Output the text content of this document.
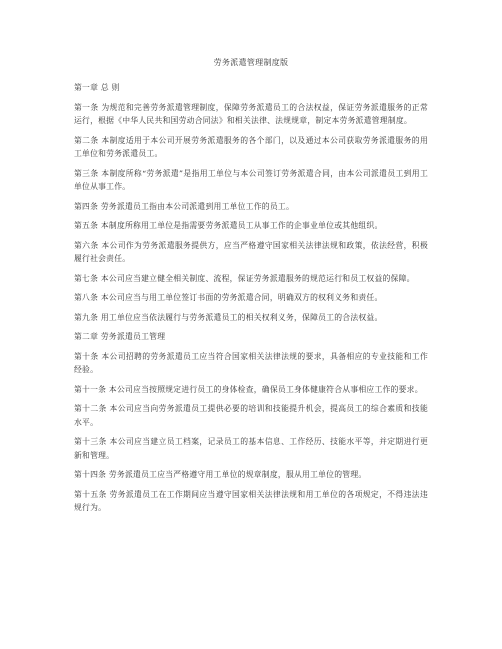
劳务派遣管理制度版
第一章 总 则

第一条 为规范和完善劳务派遣管理制度，保障劳务派遣员工的合法权益，保证劳务派遣服务的正常运行，根据《中华人民共和国劳动合同法》和相关法律、法规规章，制定本劳务派遣管理制度。

第二条 本制度适用于本公司开展劳务派遣服务的各个部门，以及通过本公司获取劳务派遣服务的用工单位和劳务派遣员工。

第三条 本制度所称“劳务派遣”是指用工单位与本公司签订劳务派遣合同，由本公司派遣员工到用工单位从事工作。

第四条 劳务派遣员工指由本公司派遣到用工单位工作的员工。

第五条 本制度所称用工单位是指需要劳务派遣员工从事工作的企事业单位或其他组织。

第六条 本公司作为劳务派遣服务提供方，应当严格遵守国家相关法律法规和政策，依法经营，积极履行社会责任。

第七条 本公司应当建立健全相关制度、流程，保证劳务派遣服务的规范运行和员工权益的保障。

第八条 本公司应当与用工单位签订书面的劳务派遣合同，明确双方的权利义务和责任。

第九条 用工单位应当依法履行与劳务派遣员工的相关权利义务，保障员工的合法权益。

第二章 劳务派遣员工管理

第十条 本公司招聘的劳务派遣员工应当符合国家相关法律法规的要求，具备相应的专业技能和工作经验。

第十一条 本公司应当按照规定进行员工的身体检查，确保员工身体健康符合从事相应工作的要求。

第十二条 本公司应当向劳务派遣员工提供必要的培训和技能提升机会，提高员工的综合素质和技能水平。

第十三条 本公司应当建立员工档案，记录员工的基本信息、工作经历、技能水平等，并定期进行更新和管理。

第十四条 劳务派遣员工应当严格遵守用工单位的规章制度，服从用工单位的管理。

第十五条 劳务派遣员工在工作期间应当遵守国家相关法律法规和用工单位的各项规定，不得违法违规行为。
